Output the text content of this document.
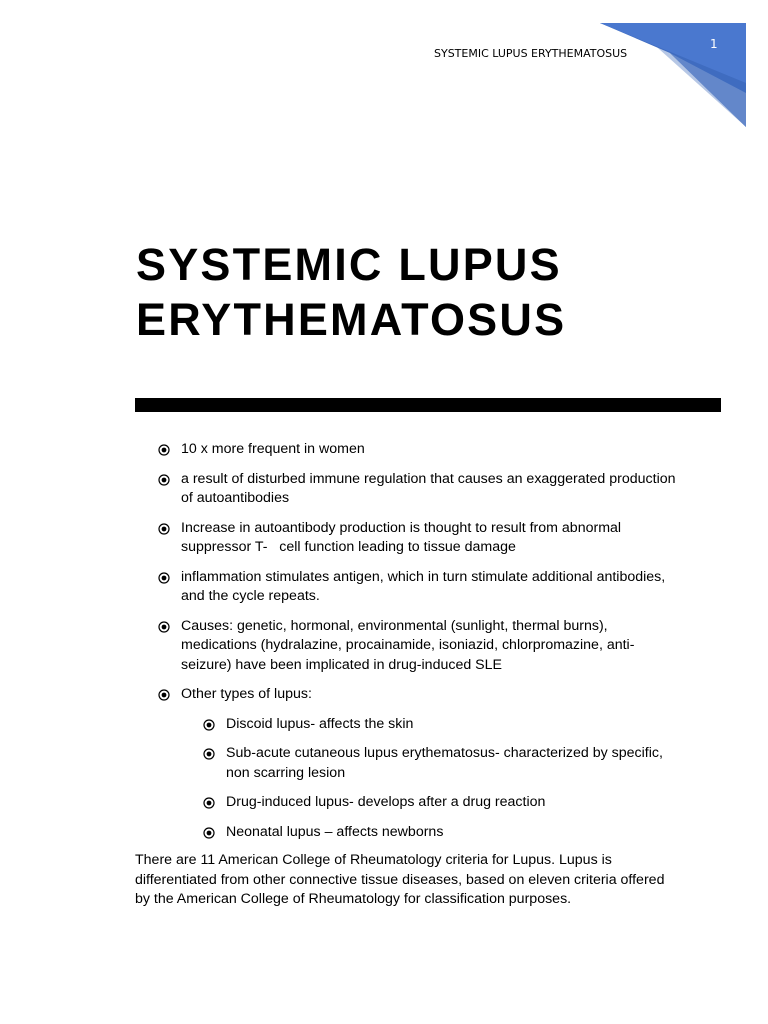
SYSTEMIC LUPUS ERYTHEMATOSUS
1
SYSTEMIC LUPUS
ERYTHEMATOSUS
10 x more frequent in women
a result of disturbed immune regulation that causes an exaggerated production of autoantibodies
Increase in autoantibody production is thought to result from abnormal suppressor T-   cell function leading to tissue damage
inflammation stimulates antigen, which in turn stimulate additional antibodies, and the cycle repeats.
Causes: genetic, hormonal, environmental (sunlight, thermal burns), medications (hydralazine, procainamide, isoniazid, chlorpromazine, anti-seizure) have been implicated in drug-induced SLE
Other types of lupus:
Discoid lupus- affects the skin
Sub-acute cutaneous lupus erythematosus- characterized by specific, non scarring lesion
Drug-induced lupus- develops after a drug reaction
Neonatal lupus – affects newborns

There are 11 American College of Rheumatology criteria for Lupus. Lupus is differentiated from other connective tissue diseases, based on eleven criteria offered by the American College of Rheumatology for classification purposes.
